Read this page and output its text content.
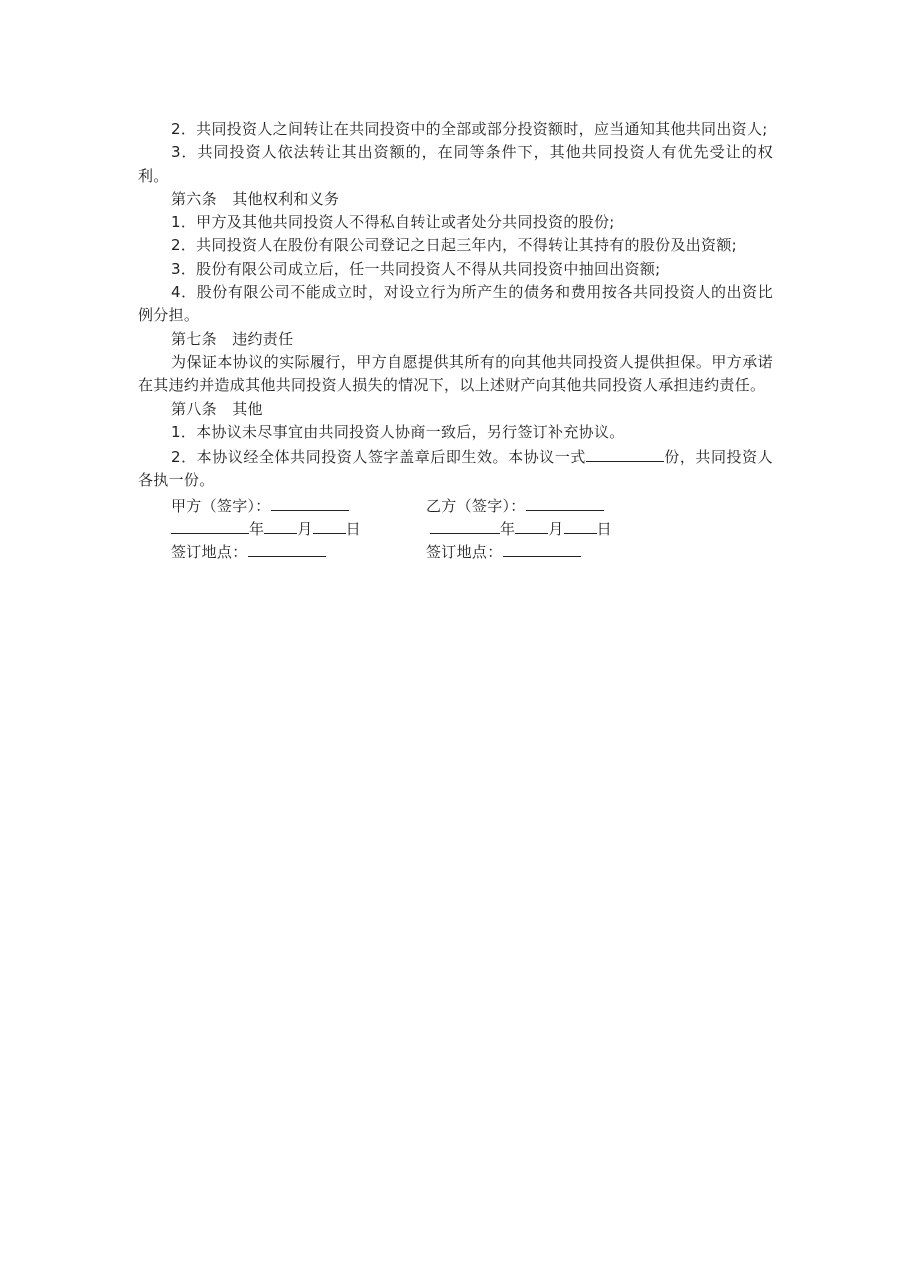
2．共同投资人之间转让在共同投资中的全部或部分投资额时，应当通知其他共同出资人;

3．共同投资人依法转让其出资额的，在同等条件下，其他共同投资人有优先受让的权利。

第六条　其他权利和义务

1．甲方及其他共同投资人不得私自转让或者处分共同投资的股份;

2．共同投资人在股份有限公司登记之日起三年内，不得转让其持有的股份及出资额;

3．股份有限公司成立后，任一共同投资人不得从共同投资中抽回出资额;

4．股份有限公司不能成立时，对设立行为所产生的债务和费用按各共同投资人的出资比例分担。

第七条　违约责任

为保证本协议的实际履行，甲方自愿提供其所有的向其他共同投资人提供担保。甲方承诺在其违约并造成其他共同投资人损失的情况下，以上述财产向其他共同投资人承担违约责任。

第八条　其他

1．本协议未尽事宜由共同投资人协商一致后，另行签订补充协议。

2．本协议经全体共同投资人签字盖章后即生效。本协议一式	份，共同投资人各执一份。

甲方（签字）：	乙方（签字）：
年 月 日	年 月 日
签订地点：	签订地点：
